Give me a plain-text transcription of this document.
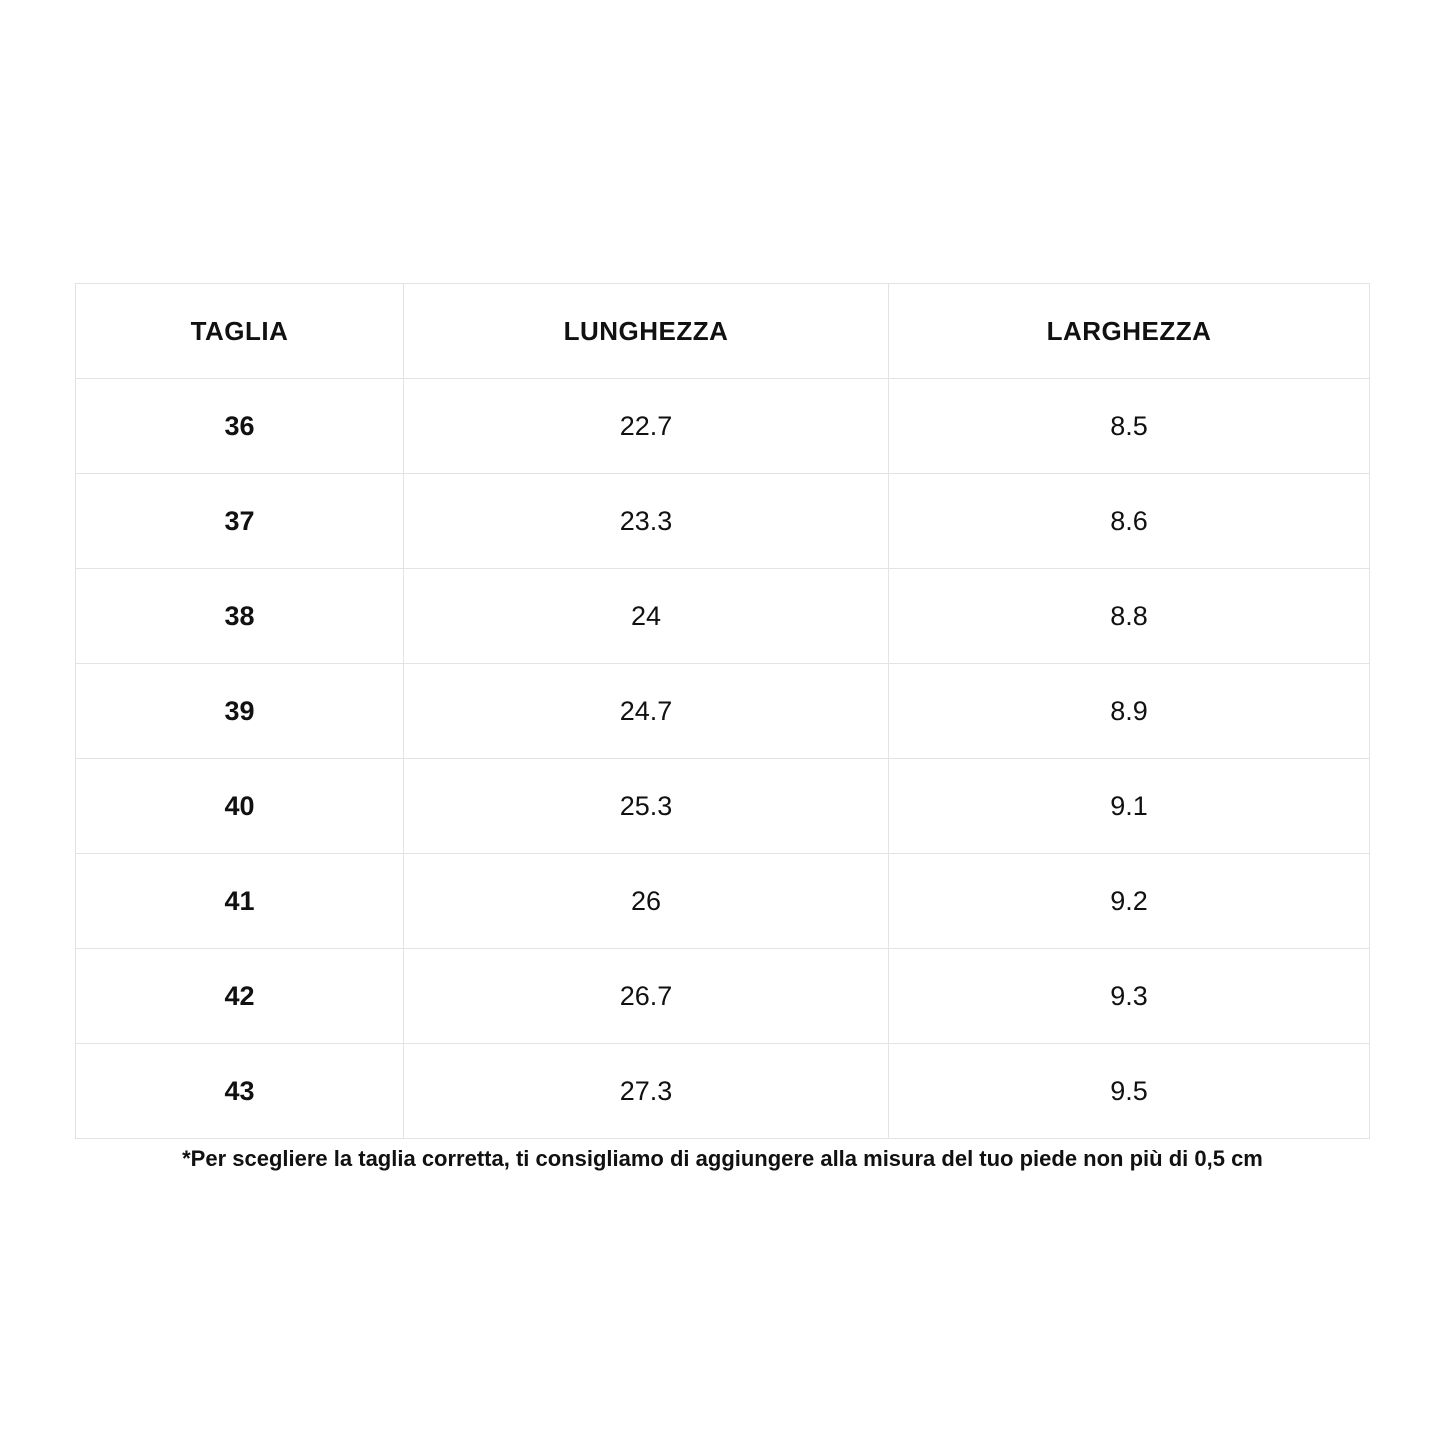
TAGLIA	LUNGHEZZA	LARGHEZZA
36	22.7	8.5
37	23.3	8.6
38	24	8.8
39	24.7	8.9
40	25.3	9.1
41	26	9.2
42	26.7	9.3
43	27.3	9.5
*Per scegliere la taglia corretta, ti consigliamo di aggiungere alla misura del tuo piede non più di 0,5 cm
